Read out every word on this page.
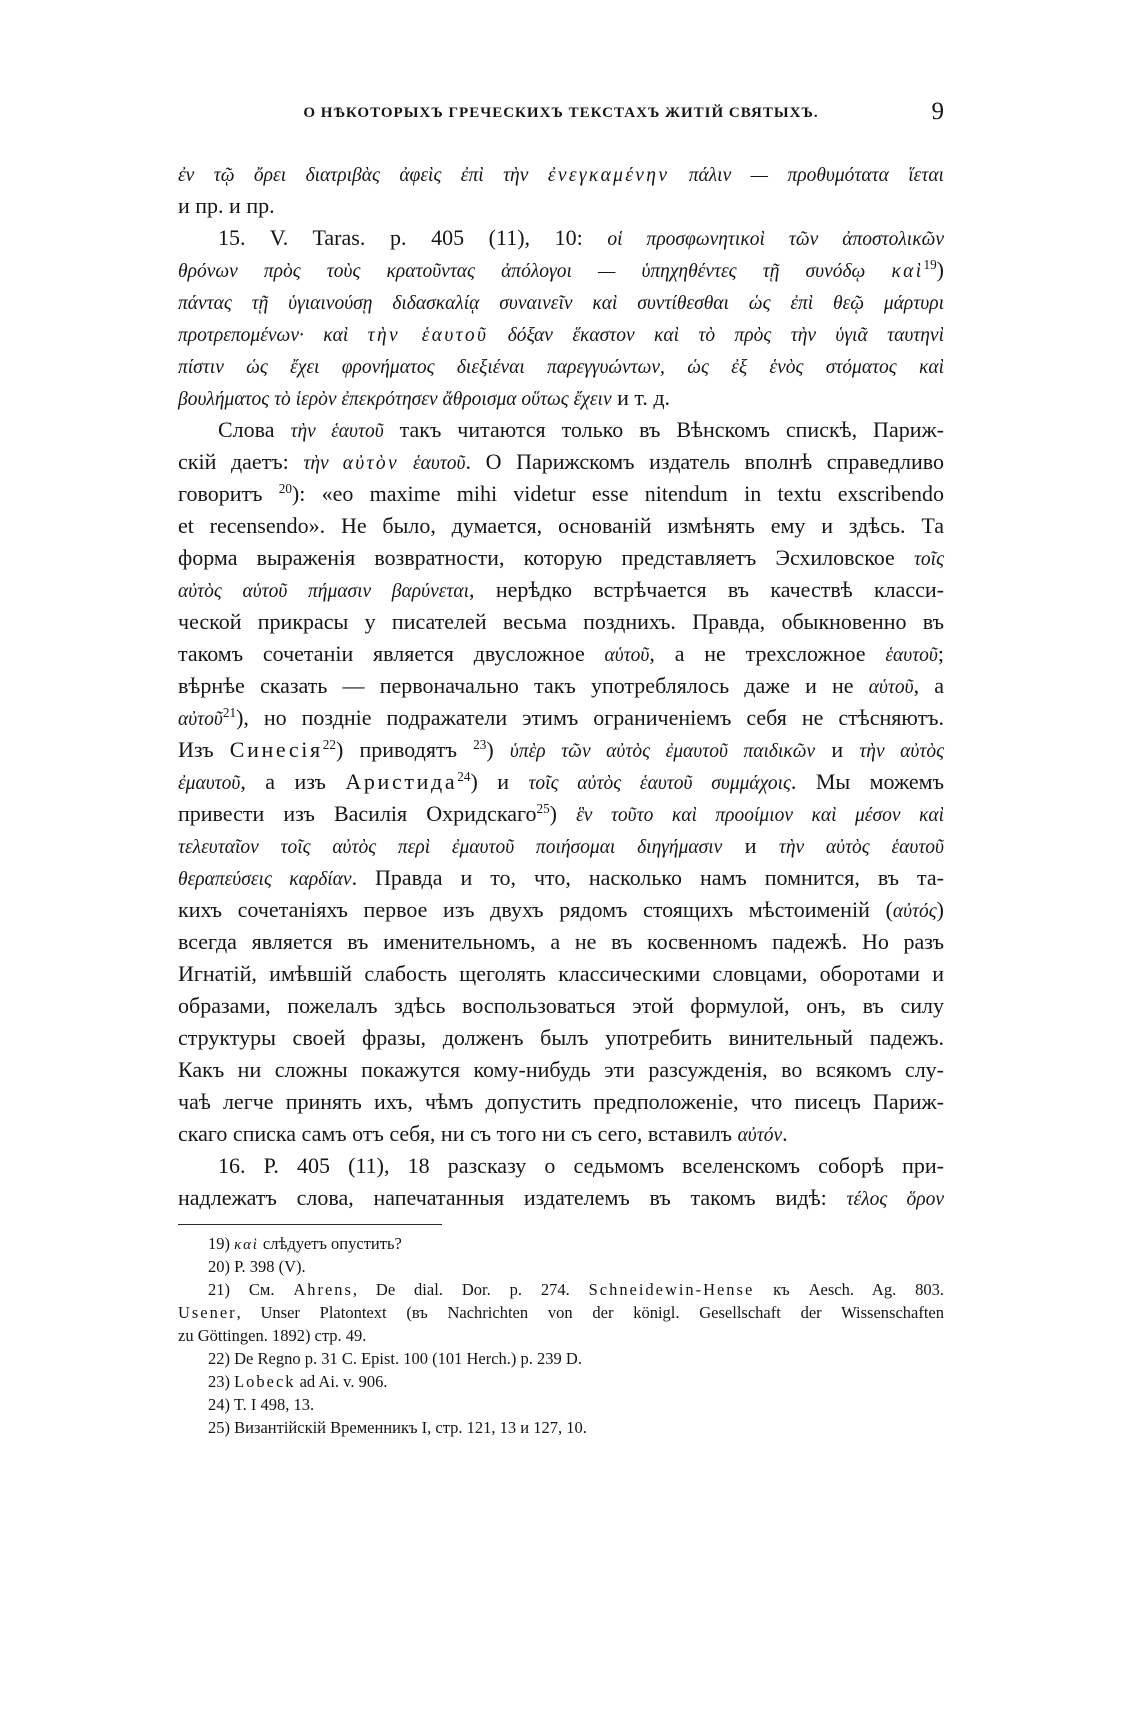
О НѢКОТОРЫХЪ ГРЕЧЕСКИХЪ ТЕКСТАХЪ ЖИТІЙ СВЯТЫХЪ.	9
ἐν τῷ ὄρει διατριβὰς ἀφεὶς ἐπὶ τὴν ἐνεγκαμένην πάλιν — προθυμότατα ἵεται
и пр. и пр.
15. V. Taras. p. 405 (11), 10: οἱ προσφωνητικοὶ τῶν ἀποστολικῶν
θρόνων πρὸς τοὺς κρατοῦντας ἀπόλογοι — ὑπηχηθέντες τῇ συνόδῳ καὶ$^{19}$)
πάντας τῇ ὑγιαινούσῃ διδασκαλίᾳ συναινεῖν καὶ συντίθεσθαι ὡς ἐπὶ θεῷ μάρτυρι
προτρεπομένων· καὶ τὴν ἑαυτοῦ δόξαν ἕκαστον καὶ τὸ πρὸς τὴν ὑγιᾶ ταυτηνὶ
πίστιν ὡς ἔχει φρονήματος διεξιέναι παρεγγυώντων, ὡς ἐξ ἑνὸς στόματος καὶ
βουλήματος τὸ ἱερὸν ἐπεκρότησεν ἄθροισμα οὕτως ἔχειν и т. д.
Слова τὴν ἑαυτοῦ такъ читаются только въ Вѣнскомъ спискѣ, Париж-
скій даетъ: τὴν αὐτὸν ἑαυτοῦ. О Парижскомъ издатель вполнѣ справедливо
говоритъ $^{20}$): «eo maxime mihi videtur esse nitendum in textu exscribendo
et recensendo». Не было, думается, основаній измѣнять ему и здѣсь. Та
форма выраженія возвратности, которую представляетъ Эсхиловское τοῖς
αὐτὸς αὑτοῦ πήμασιν βαρύνεται, нерѣдко встрѣчается въ качествѣ класси-
ческой прикрасы у писателей весьма позднихъ. Правда, обыкновенно въ
такомъ сочетаніи является двусложное αὑτοῦ, а не трехсложное ἑαυτοῦ;
вѣрнѣе сказать — первоначально такъ употреблялось даже и не αὑτοῦ, а
αὐτοῦ$^{21}$), но поздніе подражатели этимъ ограниченіемъ себя не стѣсняютъ.
Изъ Синесія$^{22}$) приводятъ $^{23}$) ὑπὲρ τῶν αὐτὸς ἐμαυτοῦ παιδικῶν и τὴν αὐτὸς
ἐμαυτοῦ, а изъ Аристида$^{24}$) и τοῖς αὐτὸς ἑαυτοῦ συμμάχοις. Мы можемъ
привести изъ Василія Охридскаго$^{25}$) ἓν τοῦτο καὶ προοίμιον καὶ μέσον καὶ
τελευταῖον τοῖς αὐτὸς περὶ ἐμαυτοῦ ποιήσομαι διηγήμασιν и τὴν αὐτὸς ἑαυτοῦ
θεραπεύσεις καρδίαν. Правда и то, что, насколько намъ помнится, въ та-
кихъ сочетаніяхъ первое изъ двухъ рядомъ стоящихъ мѣстоименій (αὐτός)
всегда является въ именительномъ, а не въ косвенномъ падежѣ. Но разъ
Игнатій, имѣвшій слабость щеголять классическими словцами, оборотами и
образами, пожелалъ здѣсь воспользоваться этой формулой, онъ, въ силу
структуры своей фразы, долженъ былъ употребить винительный падежъ.
Какъ ни сложны покажутся кому-нибудь эти разсужденія, во всякомъ слу-
чаѣ легче принять ихъ, чѣмъ допустить предположеніе, что писецъ Париж-
скаго списка самъ отъ себя, ни съ того ни съ сего, вставилъ αὐτόν.
16. P. 405 (11), 18 разсказу о седьмомъ вселенскомъ соборѣ при-
надлежатъ слова, напечатанныя издателемъ въ такомъ видѣ: τέλος ὅρον
19) καὶ слѣдуетъ опустить?
20) P. 398 (V).
21) См. Ahrens, De dial. Dor. p. 274. Schneidewin-Hense къ Aesch. Ag. 803.
Usener, Unser Platontext (въ Nachrichten von der königl. Gesellschaft der Wissenschaften
zu Göttingen. 1892) стр. 49.
22) De Regno p. 31 C. Epist. 100 (101 Herch.) p. 239 D.
23) Lobeck ad Ai. v. 906.
24) T. I 498, 13.
25) Византійскій Временникъ I, стр. 121, 13 и 127, 10.
